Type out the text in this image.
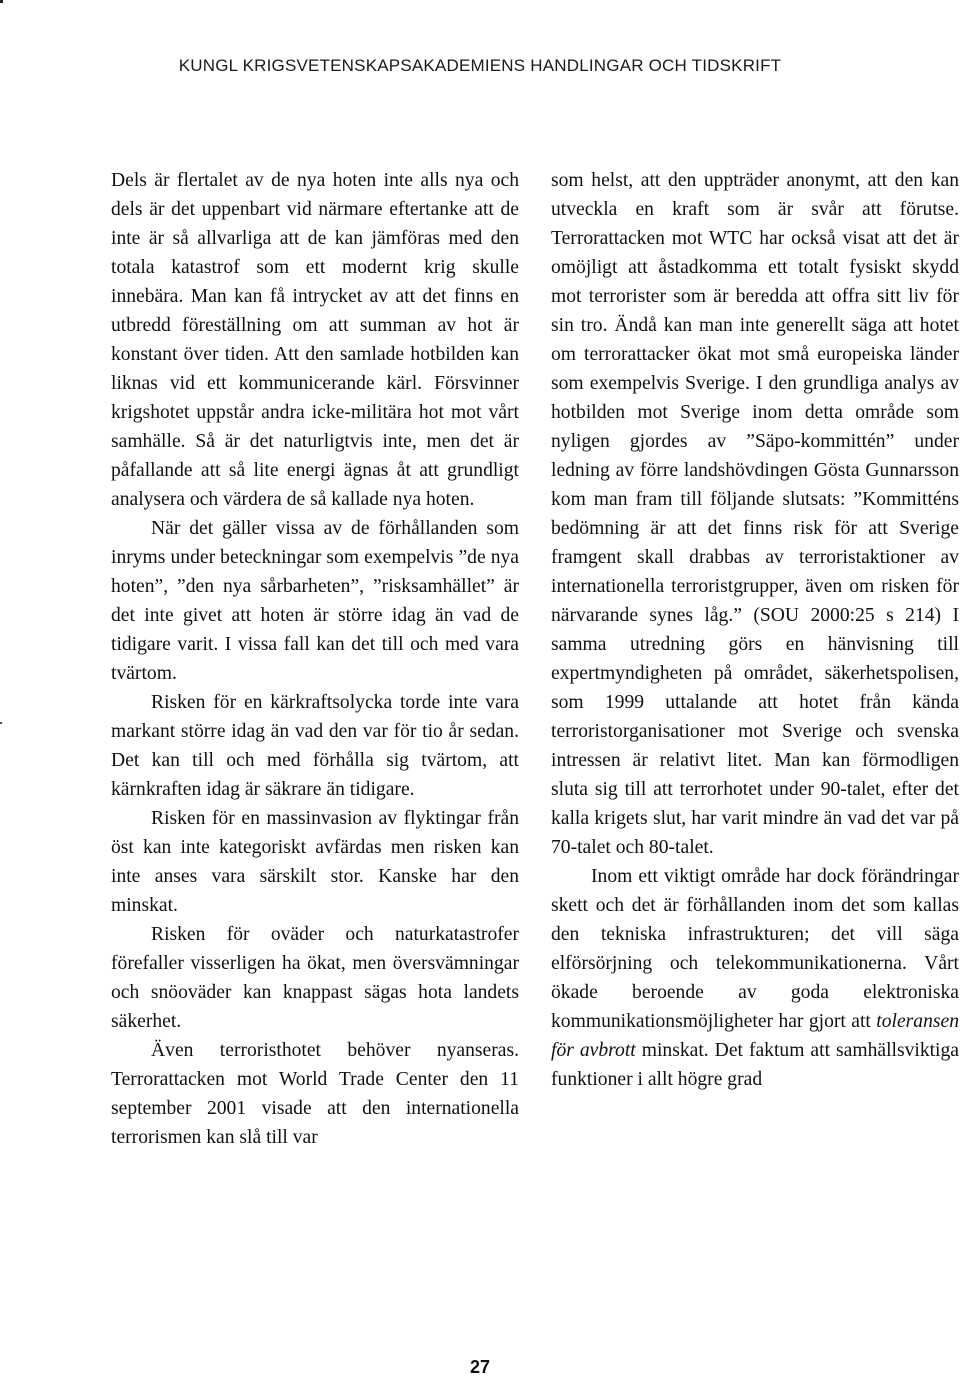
KUNGL KRIGSVETENSKAPSAKADEMIENS HANDLINGAR OCH TIDSKRIFT

Dels är flertalet av de nya hoten inte alls nya och dels är det uppenbart vid närmare eftertanke att de inte är så allvarliga att de kan jämföras med den totala katastrof som ett modernt krig skulle innebära. Man kan få intrycket av att det finns en utbredd föreställning om att summan av hot är konstant över tiden. Att den samlade hotbilden kan liknas vid ett kommunicerande kärl. Försvinner krigshotet uppstår andra icke-militära hot mot vårt samhälle. Så är det naturligtvis inte, men det är påfallande att så lite energi ägnas åt att grundligt analysera och värdera de så kallade nya hoten.

När det gäller vissa av de förhållanden som inryms under beteckningar som exempelvis ”de nya hoten”, ”den nya sårbarheten”, ”risksamhället” är det inte givet att hoten är större idag än vad de tidigare varit. I vissa fall kan det till och med vara tvärtom.

Risken för en kärkraftsolycka torde inte vara markant större idag än vad den var för tio år sedan. Det kan till och med förhålla sig tvärtom, att kärnkraften idag är säkrare än tidigare.

Risken för en massinvasion av flyktingar från öst kan inte kategoriskt avfärdas men risken kan inte anses vara särskilt stor. Kanske har den minskat.

Risken för oväder och naturkatastrofer förefaller visserligen ha ökat, men översvämningar och snöoväder kan knappast sägas hota landets säkerhet.

Även terroristhotet behöver nyanseras. Terrorattacken mot World Trade Center den 11 september 2001 visade att den internationella terrorismen kan slå till var

som helst, att den uppträder anonymt, att den kan utveckla en kraft som är svår att förutse. Terrorattacken mot WTC har också visat att det är omöjligt att åstadkomma ett totalt fysiskt skydd mot terrorister som är beredda att offra sitt liv för sin tro. Ändå kan man inte generellt säga att hotet om terrorattacker ökat mot små europeiska länder som exempelvis Sverige. I den grundliga analys av hotbilden mot Sverige inom detta område som nyligen gjordes av ”Säpo-kommittén” under ledning av förre landshövdingen Gösta Gunnarsson kom man fram till följande slutsats: ”Kommitténs bedömning är att det finns risk för att Sverige framgent skall drabbas av terroristaktioner av internationella terroristgrupper, även om risken för närvarande synes låg.” (SOU 2000:25 s 214) I samma utredning görs en hänvisning till expertmyndigheten på området, säkerhetspolisen, som 1999 uttalande att hotet från kända terroristorganisationer mot Sverige och svenska intressen är relativt litet. Man kan förmodligen sluta sig till att terrorhotet under 90-talet, efter det kalla krigets slut, har varit mindre än vad det var på 70-talet och 80-talet.

Inom ett viktigt område har dock förändringar skett och det är förhållanden inom det som kallas den tekniska infrastrukturen; det vill säga elförsörjning och telekommunikationerna. Vårt ökade beroende av goda elektroniska kommunikationsmöjligheter har gjort att toleransen för avbrott minskat. Det faktum att samhällsviktiga funktioner i allt högre grad

27
